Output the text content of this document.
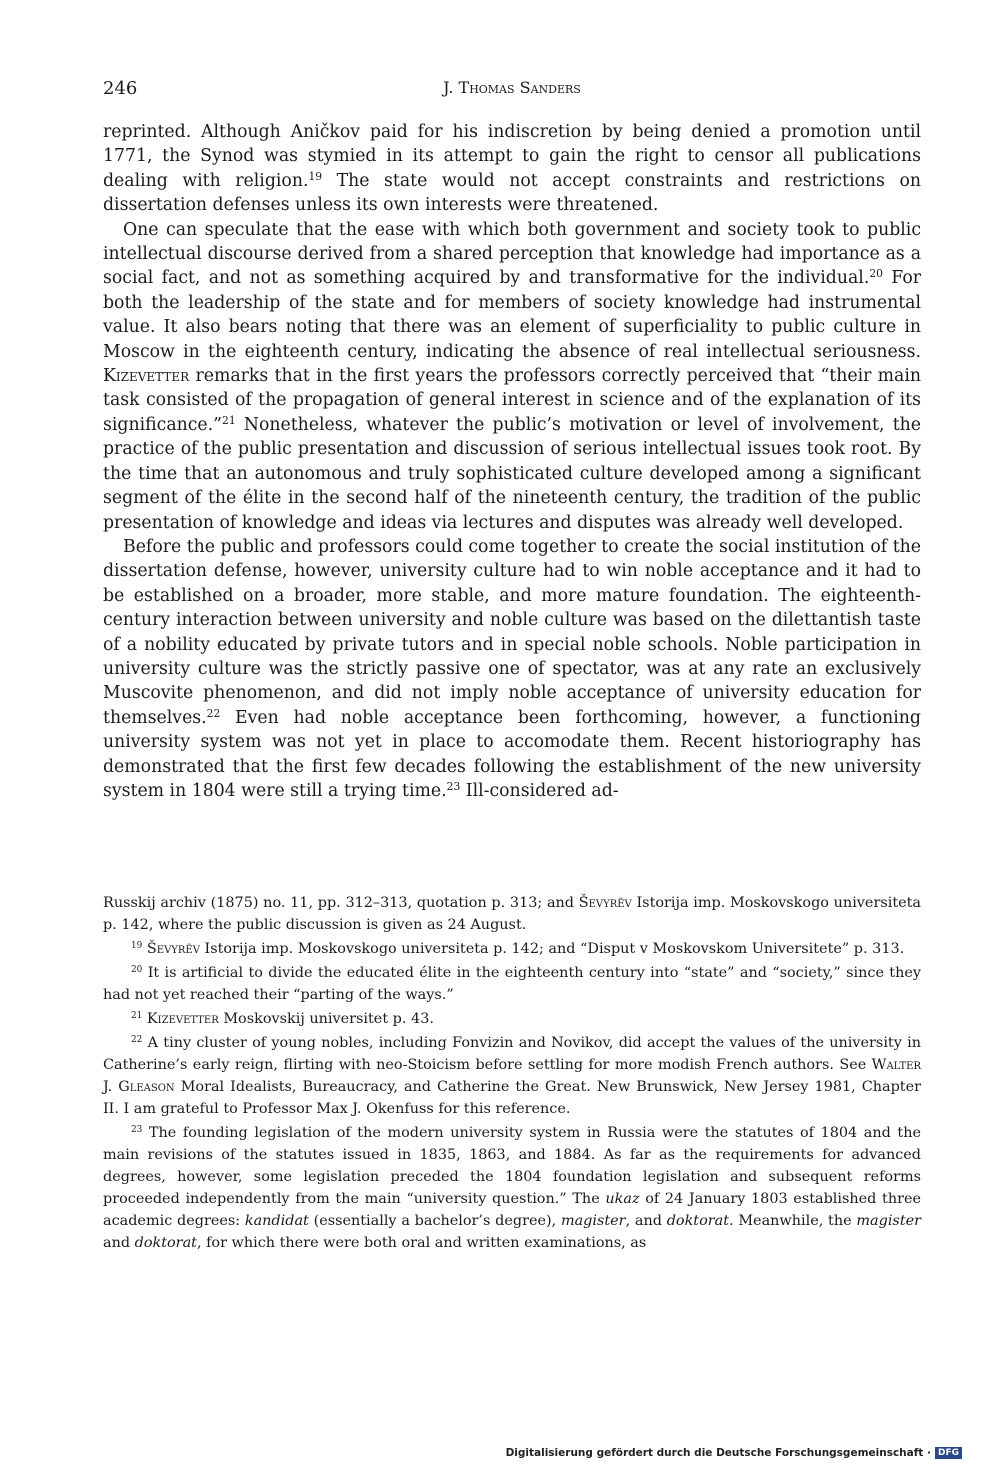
246	J. Thomas Sanders

reprinted. Although Aničkov paid for his indiscretion by being denied a promotion until 1771, the Synod was stymied in its attempt to gain the right to censor all publications dealing with religion.$^{19}$ The state would not accept constraints and restrictions on dissertation defenses unless its own interests were threatened.

One can speculate that the ease with which both government and society took to public intellectual discourse derived from a shared perception that knowledge had importance as a social fact, and not as something acquired by and transformative for the individual.$^{20}$ For both the leadership of the state and for members of society knowledge had instrumental value. It also bears noting that there was an element of superficiality to public culture in Moscow in the eighteenth century, indicating the absence of real intellectual seriousness. Kizevetter remarks that in the first years the professors correctly perceived that “their main task consisted of the propagation of general interest in science and of the explanation of its significance.”$^{21}$ Nonetheless, whatever the public’s motivation or level of involvement, the practice of the public presentation and discussion of serious intellectual issues took root. By the time that an autonomous and truly sophisticated culture developed among a significant segment of the élite in the second half of the nineteenth century, the tradition of the public presentation of knowledge and ideas via lectures and disputes was already well developed.

Before the public and professors could come together to create the social institution of the dissertation defense, however, university culture had to win noble acceptance and it had to be established on a broader, more stable, and more mature foundation. The eighteenth-century interaction between university and noble culture was based on the dilettantish taste of a nobility educated by private tutors and in special noble schools. Noble participation in university culture was the strictly passive one of spectator, was at any rate an exclusively Muscovite phenomenon, and did not imply noble acceptance of university education for themselves.$^{22}$ Even had noble acceptance been forthcoming, however, a functioning university system was not yet in place to accomodate them. Recent historiography has demonstrated that the first few decades following the establishment of the new university system in 1804 were still a trying time.$^{23}$ Ill-considered ad-

Russkij archiv (1875) no. 11, pp. 312–313, quotation p. 313; and Ševyrëv Istorija imp. Moskovskogo universiteta p. 142, where the public discussion is given as 24 August.

$^{19}$ Ševyrëv Istorija imp. Moskovskogo universiteta p. 142; and “Disput v Moskovskom Universitete” p. 313.

$^{20}$ It is artificial to divide the educated élite in the eighteenth century into “state” and “society,” since they had not yet reached their “parting of the ways.”

$^{21}$ Kizevetter Moskovskij universitet p. 43.

$^{22}$ A tiny cluster of young nobles, including Fonvizin and Novikov, did accept the values of the university in Catherine’s early reign, flirting with neo-Stoicism before settling for more modish French authors. See Walter J. Gleason Moral Idealists, Bureaucracy, and Catherine the Great. New Brunswick, New Jersey 1981, Chapter II. I am grateful to Professor Max J. Okenfuss for this reference.

$^{23}$ The founding legislation of the modern university system in Russia were the statutes of 1804 and the main revisions of the statutes issued in 1835, 1863, and 1884. As far as the requirements for advanced degrees, however, some legislation preceded the 1804 foundation legislation and subsequent reforms proceeded independently from the main “university question.” The ukaz of 24 January 1803 established three academic degrees: kandidat (essentially a bachelor’s degree), magister, and doktorat. Meanwhile, the magister and doktorat, for which there were both oral and written examinations, as

Digitalisierung gefördert durch die Deutsche Forschungsgemeinschaft · DFG
